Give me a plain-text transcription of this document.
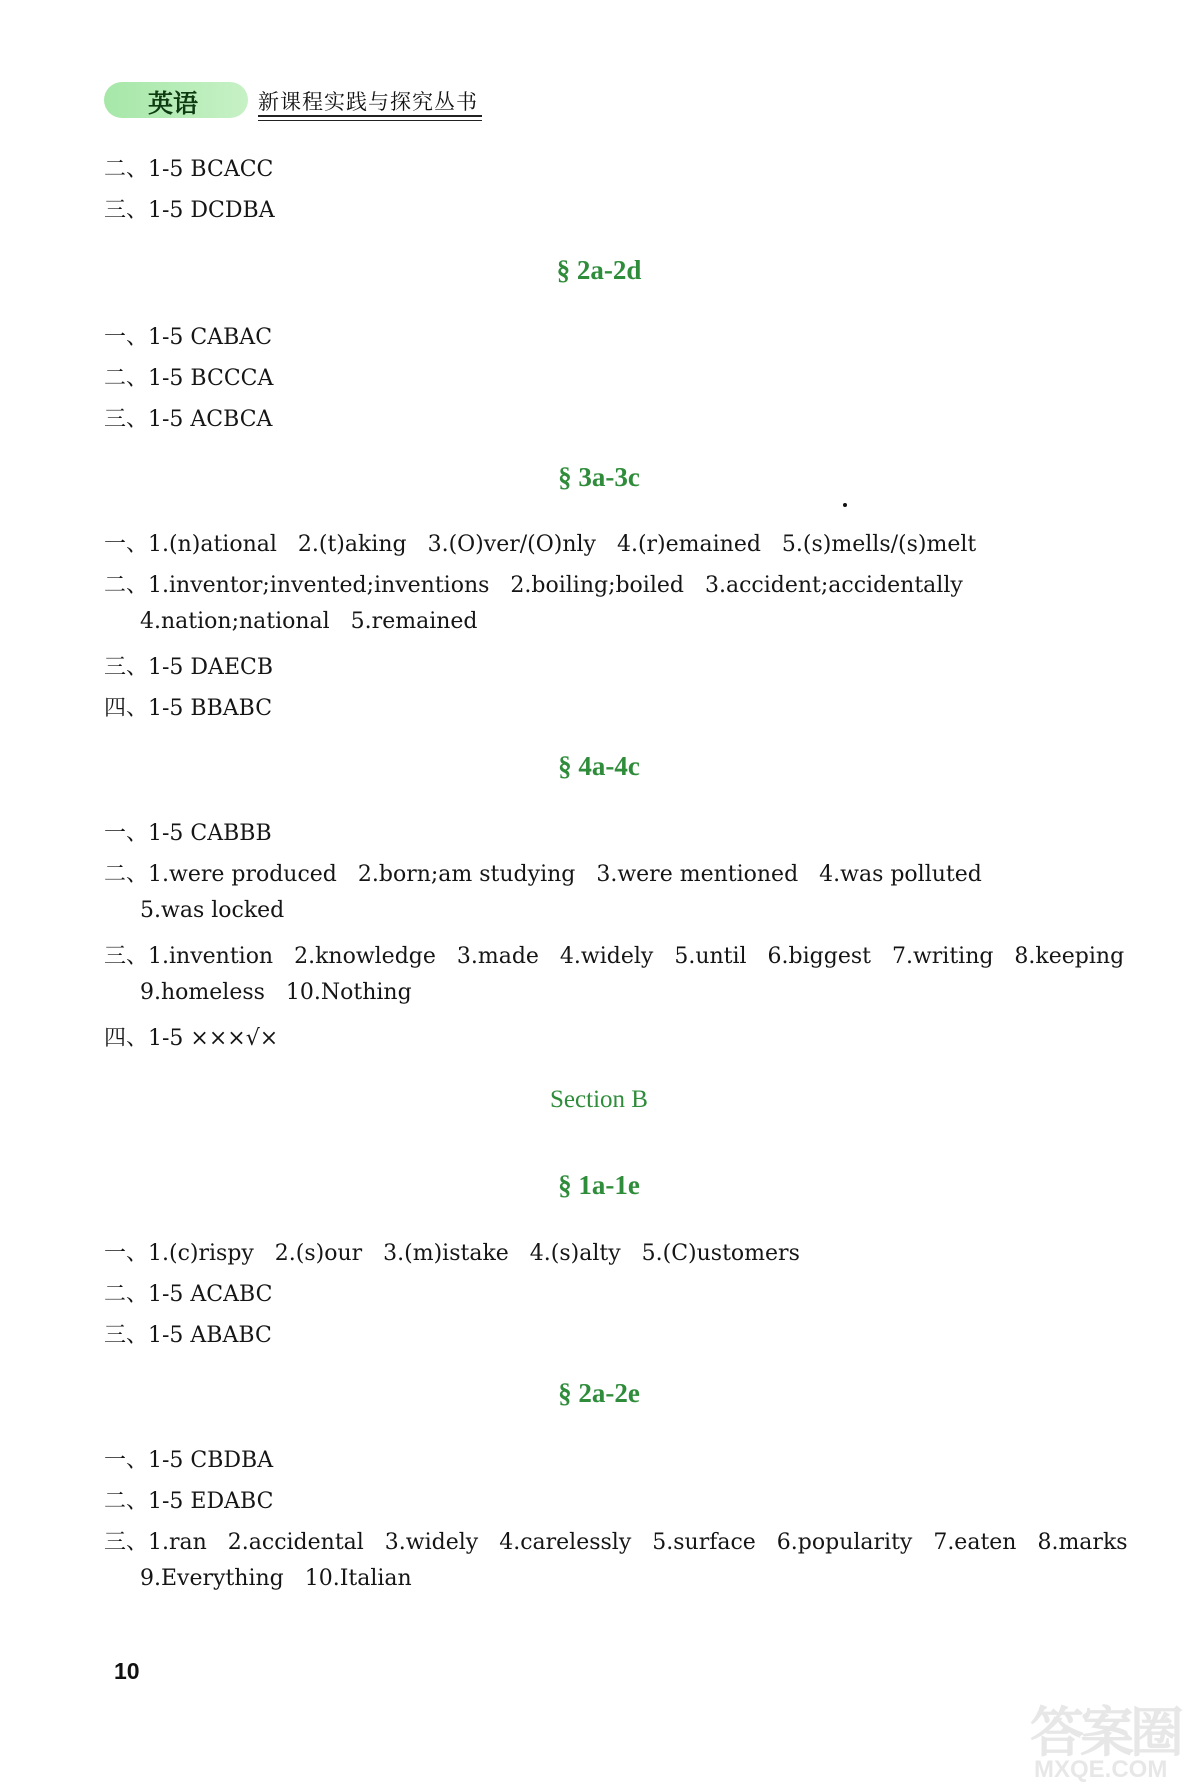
英语	新课程实践与探究丛书
二、1-5 BCACC
三、1-5 DCDBA
§ 2a-2d
一、1-5 CABAC
二、1-5 BCCCA
三、1-5 ACBCA
§ 3a-3c
一、1.(n)ational   2.(t)aking   3.(O)ver/(O)nly   4.(r)emained   5.(s)mells/(s)melt
二、1.inventor;invented;inventions   2.boiling;boiled   3.accident;accidentally
4.nation;national   5.remained
三、1-5 DAECB
四、1-5 BBABC
§ 4a-4c
一、1-5 CABBB
二、1.were produced   2.born;am studying   3.were mentioned   4.was polluted
5.was locked
三、1.invention   2.knowledge   3.made   4.widely   5.until   6.biggest   7.writing   8.keeping
9.homeless   10.Nothing
四、1-5 ×××√×
Section B
§ 1a-1e
一、1.(c)rispy   2.(s)our   3.(m)istake   4.(s)alty   5.(C)ustomers
二、1-5 ACABC
三、1-5 ABABC
§ 2a-2e
一、1-5 CBDBA
二、1-5 EDABC
三、1.ran   2.accidental   3.widely   4.carelessly   5.surface   6.popularity   7.eaten   8.marks
9.Everything   10.Italian
10
答案圈
MXQE.COM
